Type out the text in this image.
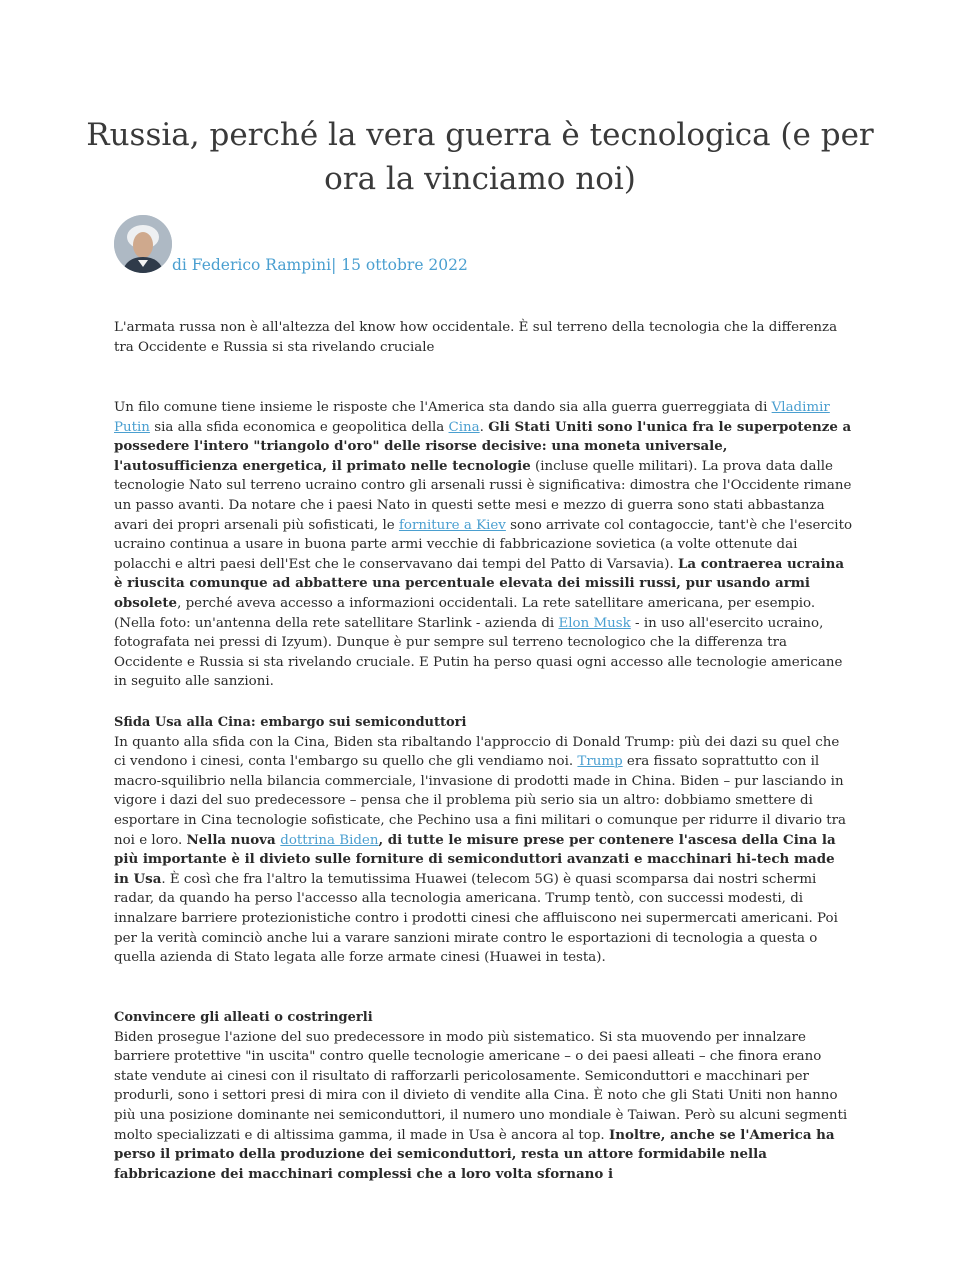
Russia, perché la vera guerra è tecnologica (e per ora la vinciamo noi)
di Federico Rampini| 15 ottobre 2022

L'armata russa non è all'altezza del know how occidentale. È sul terreno della tecnologia che la differenza tra Occidente e Russia si sta rivelando cruciale

Un filo comune tiene insieme le risposte che l'America sta dando sia alla guerra guerreggiata di Vladimir Putin sia alla sfida economica e geopolitica della Cina. Gli Stati Uniti sono l'unica fra le superpotenze a possedere l'intero "triangolo d'oro" delle risorse decisive: una moneta universale, l'autosufficienza energetica, il primato nelle tecnologie (incluse quelle militari). La prova data dalle tecnologie Nato sul terreno ucraino contro gli arsenali russi è significativa: dimostra che l'Occidente rimane un passo avanti. Da notare che i paesi Nato in questi sette mesi e mezzo di guerra sono stati abbastanza avari dei propri arsenali più sofisticati, le forniture a Kiev sono arrivate col contagoccie, tant'è che l'esercito ucraino continua a usare in buona parte armi vecchie di fabbricazione sovietica (a volte ottenute dai polacchi e altri paesi dell'Est che le conservavano dai tempi del Patto di Varsavia). La contraerea ucraina è riuscita comunque ad abbattere una percentuale elevata dei missili russi, pur usando armi obsolete, perché aveva accesso a informazioni occidentali. La rete satellitare americana, per esempio. (Nella foto: un'antenna della rete satellitare Starlink - azienda di Elon Musk - in uso all'esercito ucraino, fotografata nei pressi di Izyum). Dunque è pur sempre sul terreno tecnologico che la differenza tra Occidente e Russia si sta rivelando cruciale. E Putin ha perso quasi ogni accesso alle tecnologie americane in seguito alle sanzioni.

Sfida Usa alla Cina: embargo sui semiconduttori
In quanto alla sfida con la Cina, Biden sta ribaltando l'approccio di Donald Trump: più dei dazi su quel che ci vendono i cinesi, conta l'embargo su quello che gli vendiamo noi. Trump era fissato soprattutto con il macro-squilibrio nella bilancia commerciale, l'invasione di prodotti made in China. Biden – pur lasciando in vigore i dazi del suo predecessore – pensa che il problema più serio sia un altro: dobbiamo smettere di esportare in Cina tecnologie sofisticate, che Pechino usa a fini militari o comunque per ridurre il divario tra noi e loro. Nella nuova dottrina Biden, di tutte le misure prese per contenere l'ascesa della Cina la più importante è il divieto sulle forniture di semiconduttori avanzati e macchinari hi-tech made in Usa. È così che fra l'altro la temutissima Huawei (telecom 5G) è quasi scomparsa dai nostri schermi radar, da quando ha perso l'accesso alla tecnologia americana. Trump tentò, con successi modesti, di innalzare barriere protezionistiche contro i prodotti cinesi che affluiscono nei supermercati americani. Poi per la verità cominciò anche lui a varare sanzioni mirate contro le esportazioni di tecnologia a questa o quella azienda di Stato legata alle forze armate cinesi (Huawei in testa).

Convincere gli alleati o costringerli
Biden prosegue l'azione del suo predecessore in modo più sistematico. Si sta muovendo per innalzare barriere protettive "in uscita" contro quelle tecnologie americane – o dei paesi alleati – che finora erano state vendute ai cinesi con il risultato di rafforzarli pericolosamente. Semiconduttori e macchinari per produrli, sono i settori presi di mira con il divieto di vendite alla Cina. È noto che gli Stati Uniti non hanno più una posizione dominante nei semiconduttori, il numero uno mondiale è Taiwan. Però su alcuni segmenti molto specializzati e di altissima gamma, il made in Usa è ancora al top. Inoltre, anche se l'America ha perso il primato della produzione dei semiconduttori, resta un attore formidabile nella fabbricazione dei macchinari complessi che a loro volta sfornano i
